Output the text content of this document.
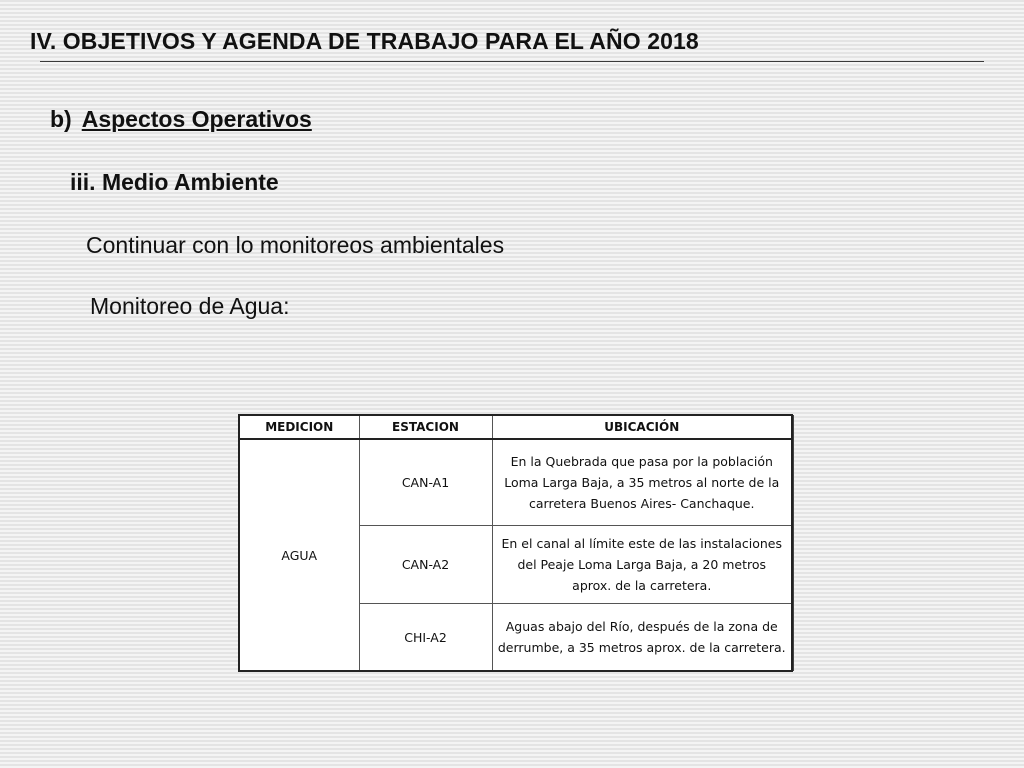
IV. OBJETIVOS Y AGENDA DE TRABAJO PARA EL AÑO 2018
b) Aspectos Operativos
iii. Medio Ambiente

Continuar con lo monitoreos ambientales

Monitoreo de Agua:

MEDICION	ESTACION	UBICACIÓN
AGUA	CAN-A1	En la Quebrada que pasa por la población Loma Larga Baja, a 35 metros al norte de la carretera Buenos Aires- Canchaque.
	CAN-A2	En el canal al límite este de las instalaciones del Peaje Loma Larga Baja, a 20 metros aprox. de la carretera.
	CHI-A2	Aguas abajo del Río, después de la zona de derrumbe, a 35 metros aprox. de la carretera.
